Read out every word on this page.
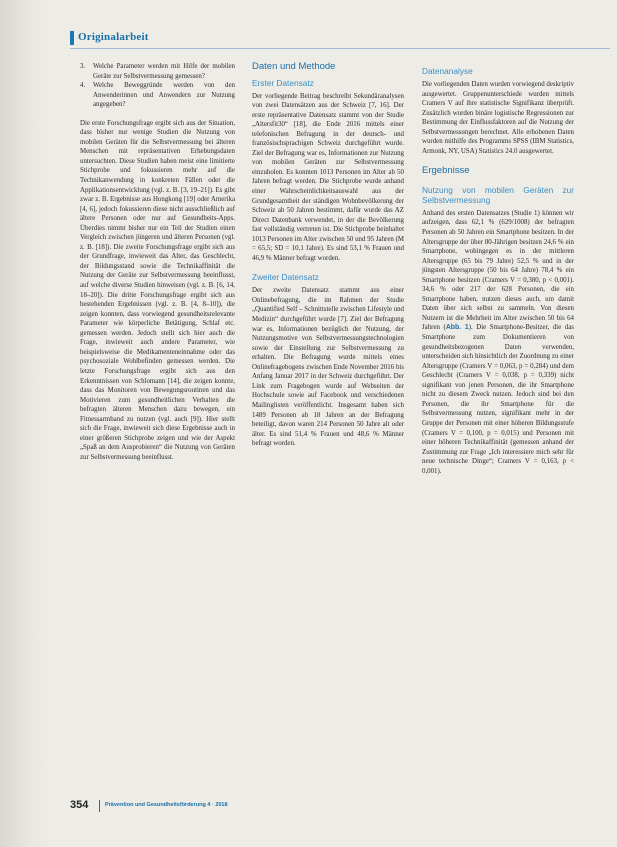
Originalarbeit
3. Welche Parameter werden mit Hilfe der mobilen Geräte zur Selbstvermessung gemessen?
4. Welche Beweggründe werden von den Anwenderinnen und Anwendern zur Nutzung angegeben?

Die erste Forschungsfrage ergibt sich aus der Situation, dass bisher nur wenige Studien die Nutzung von mobilen Geräten für die Selbstvermessung bei älteren Menschen mit repräsentativen Erhebungsdaten untersuchten. Diese Studien haben meist eine limitierte Stichprobe und fokussieren mehr auf die Technikanwendung in konkreten Fällen oder die Applikationsentwicklung (vgl. z. B. [3, 19–21]). Es gibt zwar z. B. Ergebnisse aus Hongkong [19] oder Amerika [4, 6], jedoch fokussieren diese nicht ausschließlich auf ältere Personen oder nur auf Gesundheits-Apps. Überdies nimmt bisher nur ein Teil der Studien einen Vergleich zwischen jüngeren und älteren Personen (vgl. z. B. [18]). Die zweite Forschungsfrage ergibt sich aus der Grundfrage, inwieweit das Alter, das Geschlecht, der Bildungsstand sowie die Technikaffinität die Nutzung der Geräte zur Selbstvermessung beeinflusst, auf welche diverse Studien hinweisen (vgl. z. B. [6, 14, 18–20]). Die dritte Forschungsfrage ergibt sich aus bestehenden Ergebnissen (vgl. z. B. [4, 8–10]), die zeigen konnten, dass vorwiegend gesundheitsrelevante Parameter wie körperliche Betätigung, Schlaf etc. gemessen werden. Jedoch stellt sich hier auch die Frage, inwieweit auch andere Parameter, wie beispielsweise die Medikamenteneinnahme oder das psychosoziale Wohlbefinden gemessen werden. Die letzte Forschungsfrage ergibt sich aus den Erkenntnissen von Schlomann [14], die zeigen konnte, dass das Monitoren von Bewegungsroutinen und das Motivieren zum gesundheitlichen Verhalten die befragten älteren Menschen dazu bewegen, ein Fitnessarmband zu nutzen (vgl. auch [9]). Hier stellt sich die Frage, inwieweit sich diese Ergebnisse auch in einer größeren Stichprobe zeigen und wie der Aspekt „Spaß an dem Ausprobieren“ die Nutzung von Geräten zur Selbstvermessung beeinflusst.

Daten und Methode
Erster Datensatz

Der vorliegende Beitrag beschreibt Sekundäranalysen von zwei Datensätzen aus der Schweiz [7, 16]. Der erste repräsentative Datensatz stammt von der Studie „Altersfit30“ [18], die Ende 2016 mittels einer telefonischen Befragung in der deutsch- und französischsprachigen Schweiz durchgeführt wurde. Ziel der Befragung war es, Informationen zur Nutzung von mobilen Geräten zur Selbstvermessung einzuholen. Es konnten 1013 Personen im Alter ab 50 Jahren befragt werden. Die Stichprobe wurde anhand einer Wahrscheinlichkeitsauswahl aus der Grundgesamtheit der ständigen Wohnbevölkerung der Schweiz ab 50 Jahren bestimmt, dafür wurde das AZ Direct Datenbank verwendet, in der die Bevölkerung fast vollständig vertreten ist. Die Stichprobe beinhaltet 1013 Personen im Alter zwischen 50 und 95 Jahren (M = 65,5; SD = 10,1 Jahre). Es sind 53,1 % Frauen und 46,9 % Männer befragt worden.

Zweiter Datensatz

Der zweite Datensatz stammt aus einer Onlinebefragung, die im Rahmen der Studie „Quantified Self – Schnittstelle zwischen Lifestyle und Medizin“ durchgeführt wurde [7]. Ziel der Befragung war es, Informationen bezüglich der Nutzung, der Nutzungsmotive von Selbstvermessungstechnologien sowie der Einstellung zur Selbstvermessung zu erhalten. Die Befragung wurde mittels eines Onlinefragebogens zwischen Ende November 2016 bis Anfang Januar 2017 in der Schweiz durchgeführt. Der Link zum Fragebogen wurde auf Webseiten der Hochschule sowie auf Facebook und verschiedenen Mailinglisten veröffentlicht. Insgesamt haben sich 1489 Personen ab 18 Jahren an der Befragung beteiligt, davon waren 214 Personen 50 Jahre alt oder älter. Es sind 51,4 % Frauen und 48,6 % Männer befragt worden.

Datenanalyse

Die vorliegenden Daten wurden vorwiegend deskriptiv ausgewertet. Gruppenunterschiede wurden mittels Cramers V auf ihre statistische Signifikanz überprüft. Zusätzlich wurden binäre logistische Regressionen zur Bestimmung der Einflussfaktoren auf die Nutzung der Selbstvermessungen berechnet. Alle erhobenen Daten wurden mithilfe des Programms SPSS (IBM Statistics, Armonk, NY, USA) Statistics 24.0 ausgewertet.

Ergebnisse
Nutzung von mobilen Geräten zur Selbstvermessung

Anhand des ersten Datensatzes (Studie 1) können wir aufzeigen, dass 62,1 % (629/1008) der befragten Personen ab 50 Jahren ein Smartphone besitzen. In der Altersgruppe der über 80-Jährigen besitzen 24,6 % ein Smartphone, wohingegen es in der mittleren Altersgruppe (65 bis 79 Jahre) 52,5 % und in der jüngsten Altersgruppe (50 bis 64 Jahre) 78,4 % ein Smartphone besitzen (Cramers V = 0,380, p < 0,001). 34,6 % oder 217 der 628 Personen, die ein Smartphone haben, nutzen dieses auch, um damit Daten über sich selbst zu sammeln. Von diesen Nutzern ist die Mehrheit im Alter zwischen 50 bis 64 Jahren (Abb. 1). Die Smartphone-Besitzer, die das Smartphone zum Dokumentieren von gesundheitsbezogenen Daten verwenden, unterscheiden sich hinsichtlich der Zuordnung zu einer Altersgruppe (Cramers V = 0,063, p = 0,284) und dem Geschlecht (Cramers V = 0,038, p = 0,339) nicht signifikant von jenen Personen, die ihr Smartphone nicht zu diesem Zweck nutzen. Jedoch sind bei den Personen, die ihr Smartphone für die Selbstvermessung nutzen, signifikant mehr in der Gruppe der Personen mit einer höheren Bildungsstufe (Cramers V = 0,100, p = 0,015) und Personen mit einer höheren Technikaffinität (gemessen anhand der Zustimmung zur Frage „Ich interessiere mich sehr für neue technische Dinge“; Cramers V = 0,163, p < 0,001).

354	Prävention und Gesundheitsförderung 4 · 2018
